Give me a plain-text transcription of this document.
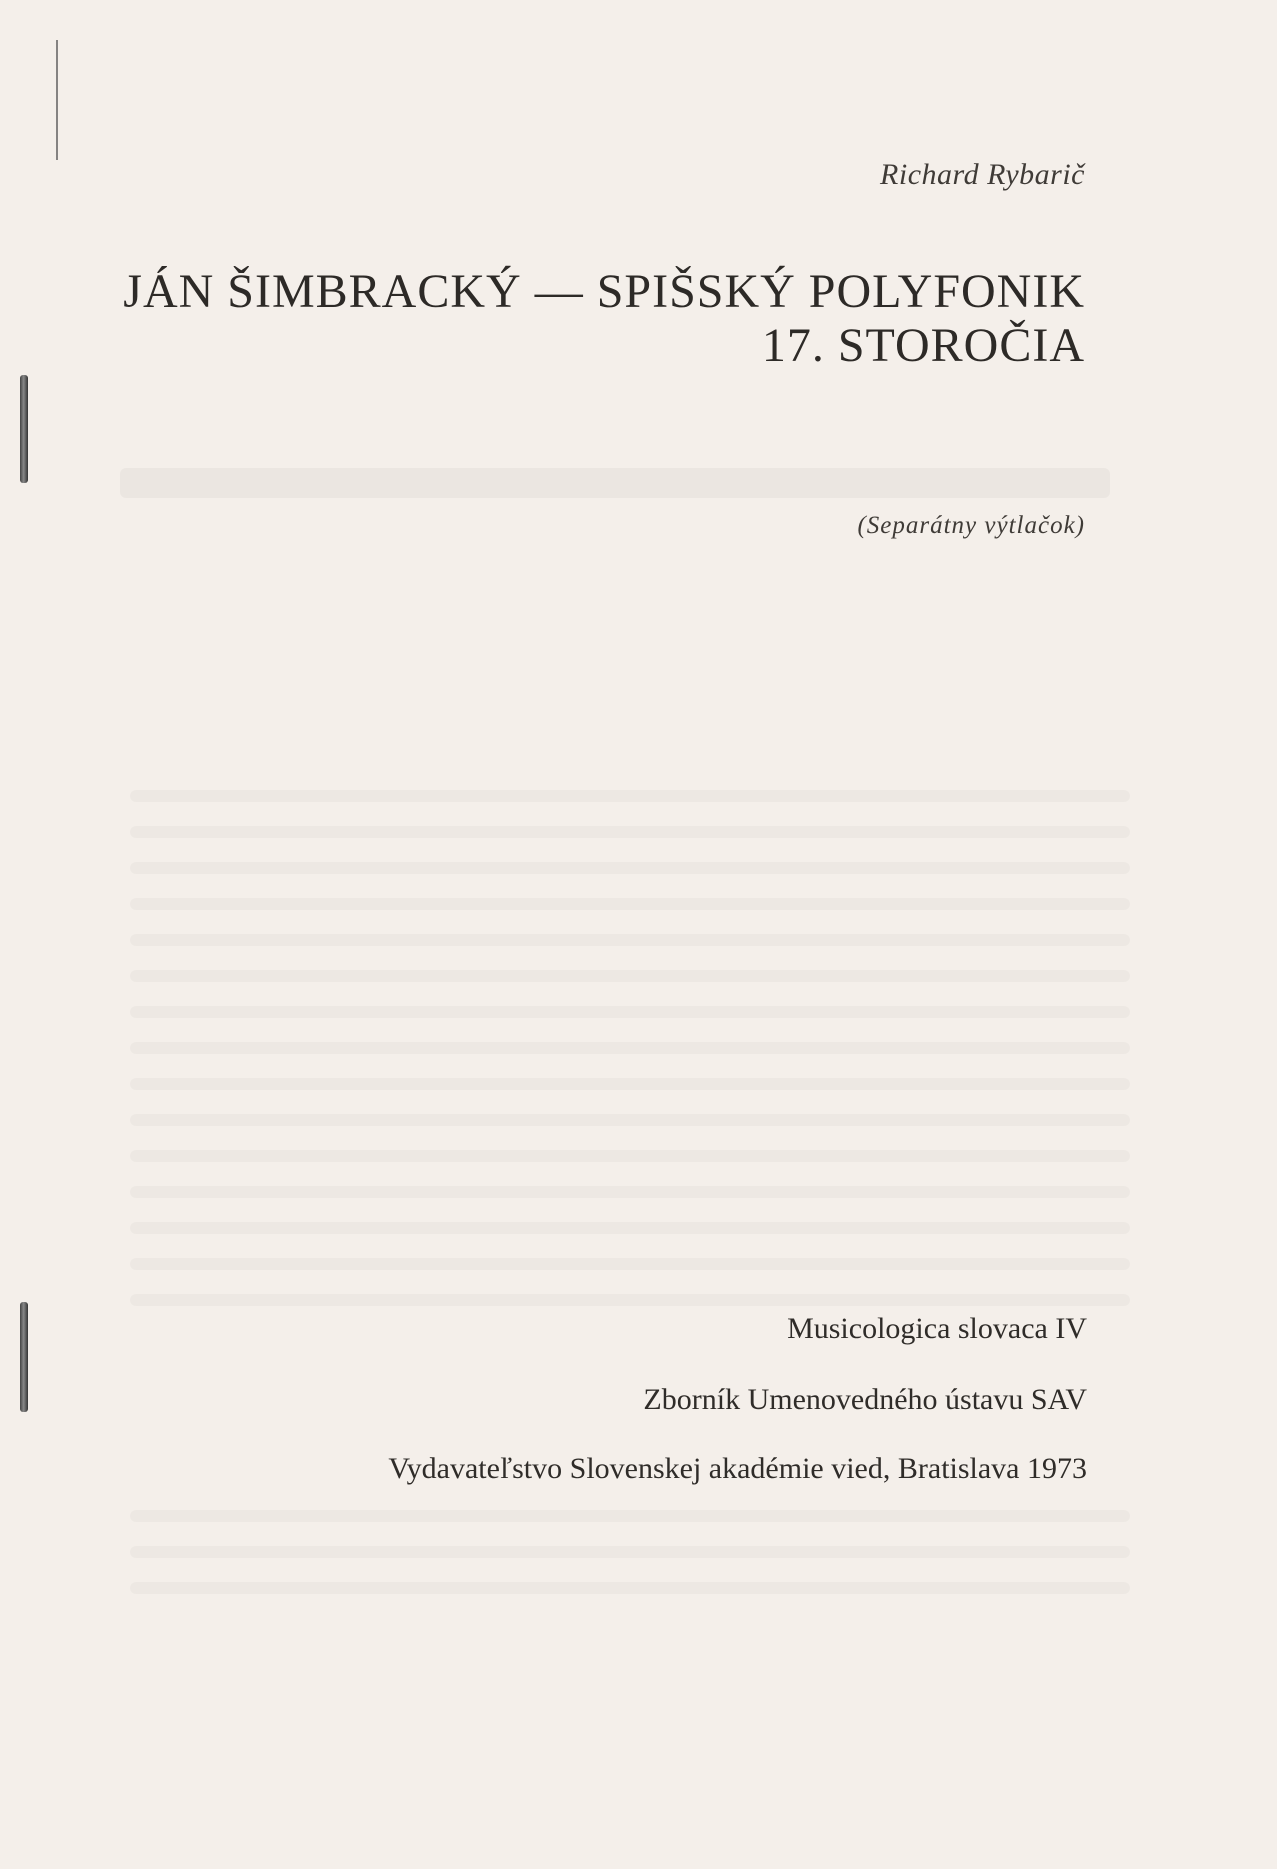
Richard Rybarič
JÁN ŠIMBRACKÝ — SPIŠSKÝ POLYFONIK
17. STOROČIA
(Separátny výtlačok)
Musicologica slovaca IV
Zborník Umenovedného ústavu SAV
Vydavateľstvo Slovenskej akadémie vied, Bratislava 1973
